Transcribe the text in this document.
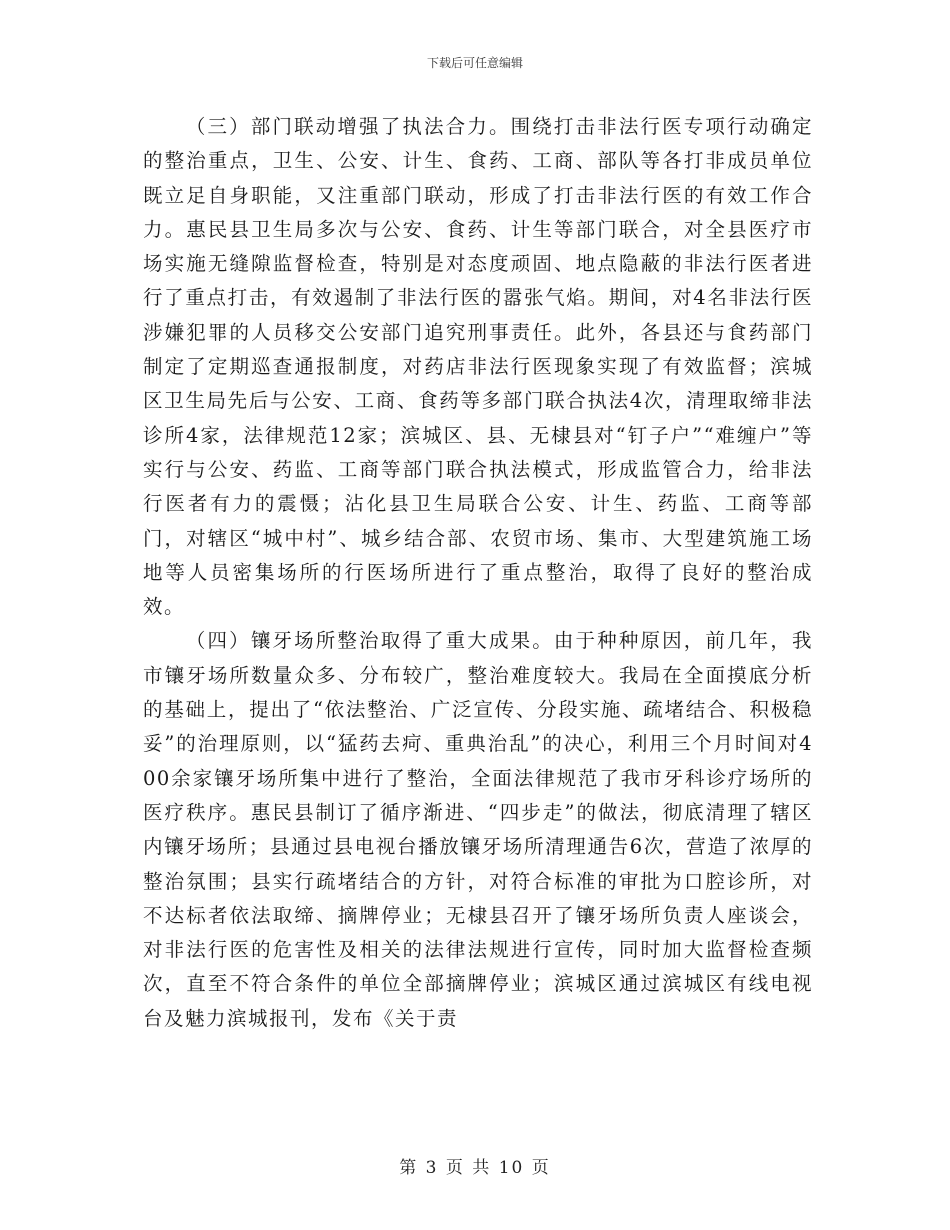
下载后可任意编辑

（三）部门联动增强了执法合力。围绕打击非法行医专项行动确定的整治重点，卫生、公安、计生、食药、工商、部队等各打非成员单位既立足自身职能，又注重部门联动，形成了打击非法行医的有效工作合力。惠民县卫生局多次与公安、食药、计生等部门联合，对全县医疗市场实施无缝隙监督检查，特别是对态度顽固、地点隐蔽的非法行医者进行了重点打击，有效遏制了非法行医的嚣张气焰。期间，对4名非法行医涉嫌犯罪的人员移交公安部门追究刑事责任。此外，各县还与食药部门制定了定期巡查通报制度，对药店非法行医现象实现了有效监督；滨城区卫生局先后与公安、工商、食药等多部门联合执法4次，清理取缔非法诊所4家，法律规范12家；滨城区、县、无棣县对“钉子户”“难缠户”等实行与公安、药监、工商等部门联合执法模式，形成监管合力，给非法行医者有力的震慑；沾化县卫生局联合公安、计生、药监、工商等部门，对辖区“城中村”、城乡结合部、农贸市场、集市、大型建筑施工场地等人员密集场所的行医场所进行了重点整治，取得了良好的整治成效。

（四）镶牙场所整治取得了重大成果。由于种种原因，前几年，我市镶牙场所数量众多、分布较广，整治难度较大。我局在全面摸底分析的基础上，提出了“依法整治、广泛宣传、分段实施、疏堵结合、积极稳妥”的治理原则，以“猛药去疴、重典治乱”的决心，利用三个月时间对400余家镶牙场所集中进行了整治，全面法律规范了我市牙科诊疗场所的医疗秩序。惠民县制订了循序渐进、“四步走”的做法，彻底清理了辖区内镶牙场所；县通过县电视台播放镶牙场所清理通告6次，营造了浓厚的整治氛围；县实行疏堵结合的方针，对符合标准的审批为口腔诊所，对不达标者依法取缔、摘牌停业；无棣县召开了镶牙场所负责人座谈会，对非法行医的危害性及相关的法律法规进行宣传，同时加大监督检查频次，直至不符合条件的单位全部摘牌停业；滨城区通过滨城区有线电视台及魅力滨城报刊，发布《关于责

第 3 页 共 10 页
